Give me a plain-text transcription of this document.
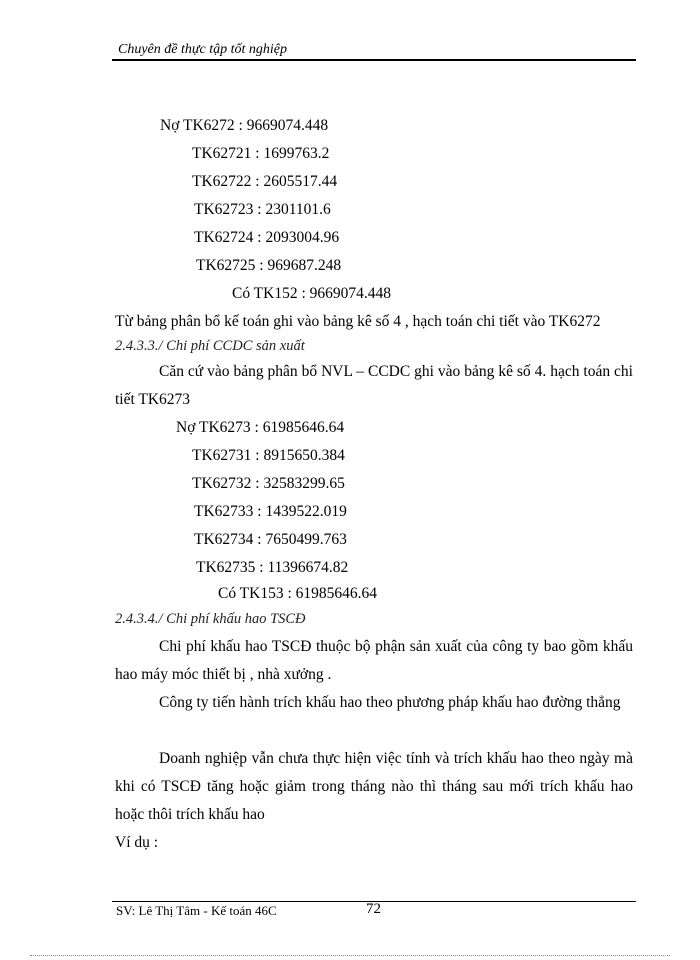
Chuyên đề thực tập tốt nghiệp
Nợ TK6272 : 9669074.448
TK62721 : 1699763.2
TK62722 : 2605517.44
TK62723 : 2301101.6
TK62724 : 2093004.96
TK62725 : 969687.248
Có TK152 : 9669074.448
Từ bảng phân bổ kế toán ghi vào bảng kê số 4 , hạch toán chi tiết vào TK6272
2.4.3.3./ Chi phí CCDC sản xuất
Căn cứ vào bảng phân bổ NVL – CCDC ghi vào bảng kê số 4. hạch toán chi tiết TK6273
Nợ TK6273 : 61985646.64
TK62731 : 8915650.384
TK62732 : 32583299.65
TK62733 : 1439522.019
TK62734 : 7650499.763
TK62735 : 11396674.82
Có TK153 : 61985646.64
2.4.3.4./ Chi phí khấu hao TSCĐ
Chi phí khấu hao TSCĐ thuộc bộ phận sản xuất của công ty bao gồm khấu hao máy móc thiết bị , nhà xưởng .
Công ty tiến hành trích khấu hao theo phương pháp khấu hao đường thẳng
Doanh nghiệp vẫn chưa thực hiện việc tính và trích khấu hao theo ngày mà khi có TSCĐ tăng hoặc giảm trong tháng nào thì tháng sau mới trích khấu hao hoặc thôi trích khấu hao
Ví dụ :
SV: Lê Thị Tâm - Kế toán 46C	72
